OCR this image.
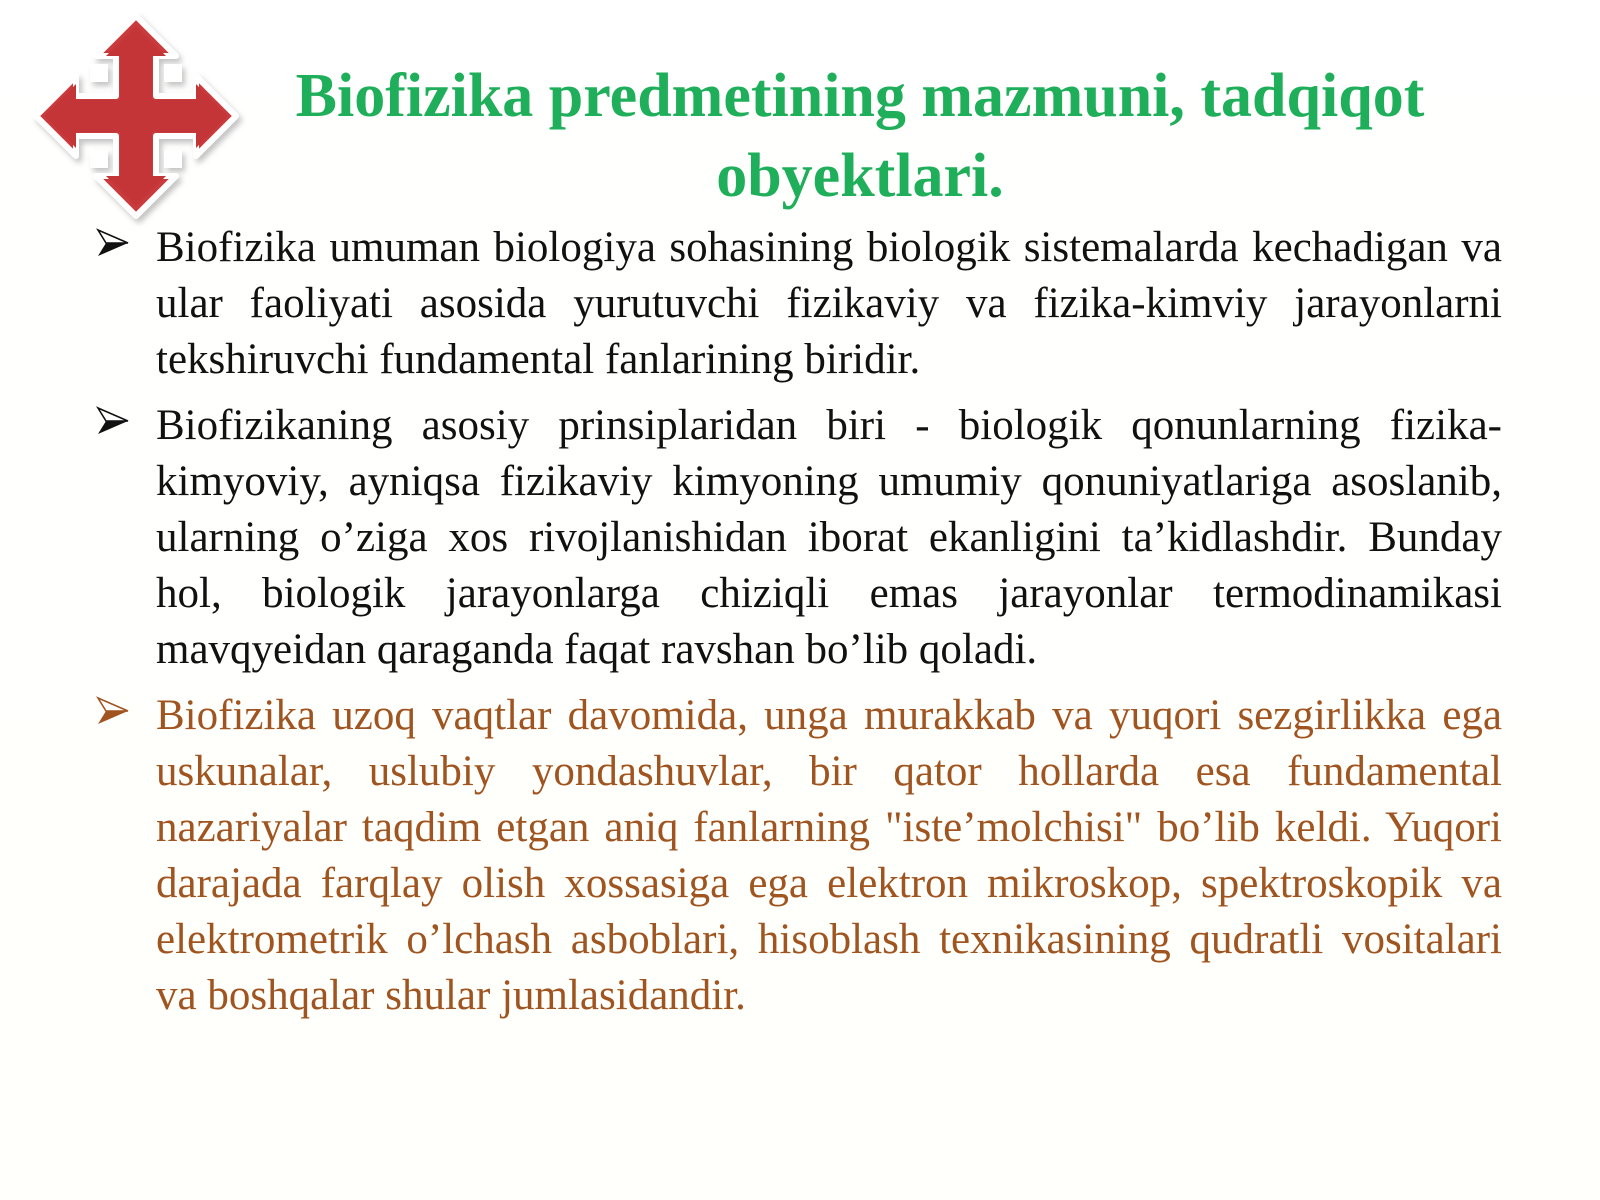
Biofizika predmetining mazmuni, tadqiqot
obyektlari.

Biofizika umuman biologiya sohasining biologik sistemalarda kechadigan va ular faoliyati asosida yurutuvchi fizikaviy va fizika-kimviy jarayonlarni tekshiruvchi fundamental fanlarining biridir.

Biofizikaning asosiy prinsiplaridan biri - biologik qonunlarning fizika-kimyoviy, ayniqsa fizikaviy kimyoning umumiy qonuniyatlariga asoslanib, ularning o’ziga xos rivojlanishidan iborat ekanligini ta’kidlashdir. Bunday hol, biologik jarayonlarga chiziqli emas jarayonlar termodinamikasi mavqyeidan qaraganda faqat ravshan bo’lib qoladi.

Biofizika uzoq vaqtlar davomida, unga murakkab va yuqori sezgirlikka ega uskunalar, uslubiy yondashuvlar, bir qator hollarda esa fundamental nazariyalar taqdim etgan aniq fanlarning "iste’molchisi" bo’lib keldi. Yuqori darajada farqlay olish xossasiga ega elektron mikroskop, spektroskopik va elektrometrik o’lchash asboblari, hisoblash texnikasining qudratli vositalari va boshqalar shular jumlasidandir.
